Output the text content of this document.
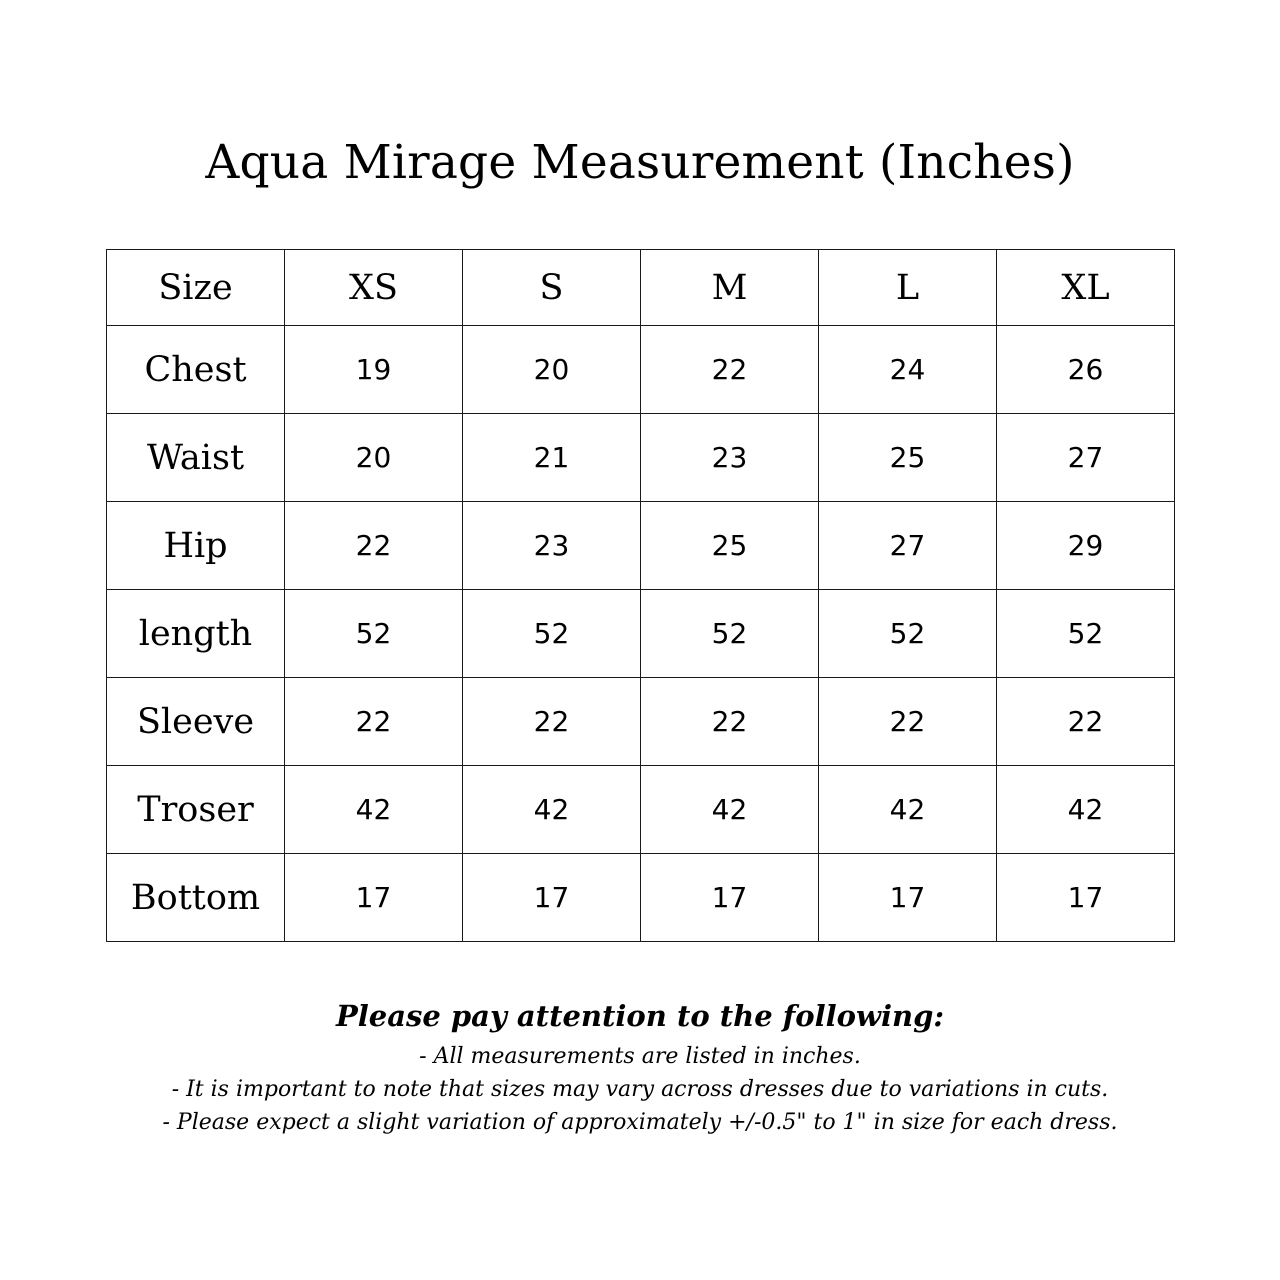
Aqua Mirage Measurement (Inches)
Size	XS	S	M	L	XL
Chest	19	20	22	24	26
Waist	20	21	23	25	27
Hip	22	23	25	27	29
length	52	52	52	52	52
Sleeve	22	22	22	22	22
Troser	42	42	42	42	42
Bottom	17	17	17	17	17
Please pay attention to the following:
- All measurements are listed in inches.
- It is important to note that sizes may vary across dresses due to variations in cuts.
- Please expect a slight variation of approximately +/-0.5" to 1" in size for each dress.
